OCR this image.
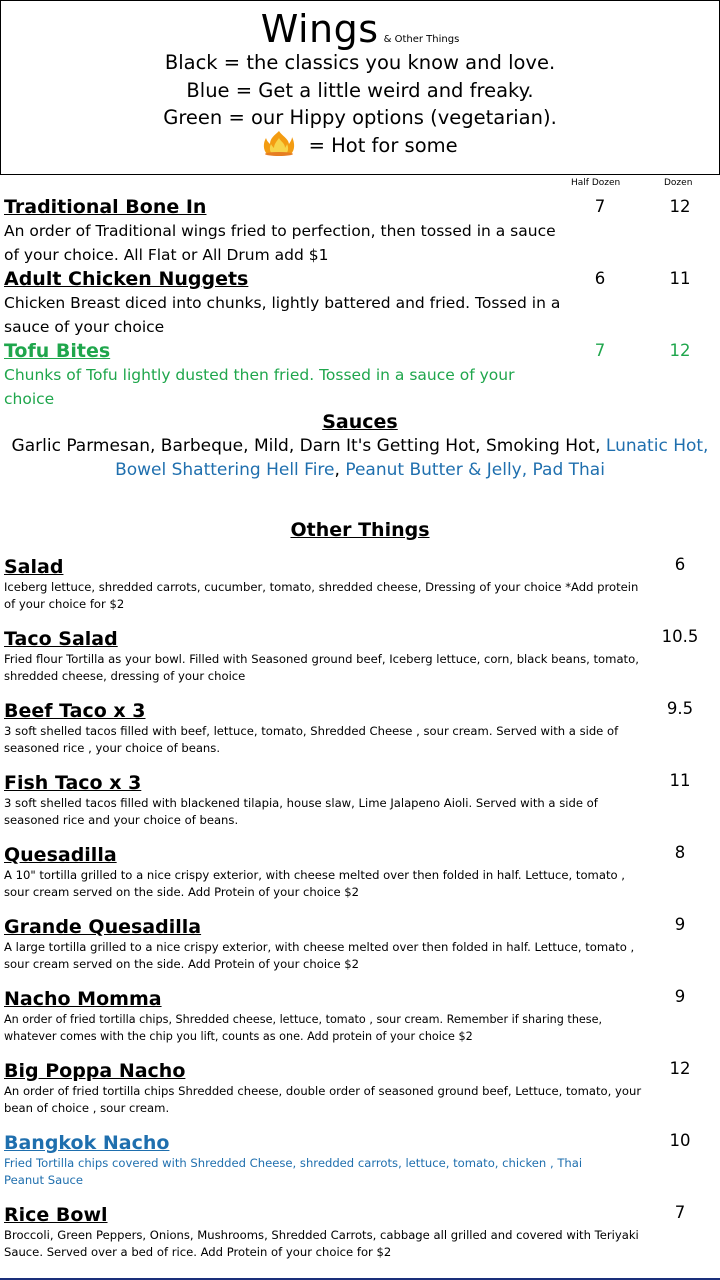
Wings & Other Things
Black = the classics you know and love.
Blue = Get a little weird and freaky.
Green = our Hippy options (vegetarian).
= Hot for some
Half Dozen	Dozen
Traditional Bone In
An order of Traditional wings fried to perfection, then tossed in a sauce of your choice. All Flat or All Drum add $1
7	12
Adult Chicken Nuggets
Chicken Breast diced into chunks, lightly battered and fried. Tossed in a sauce of your choice
6	11
Tofu Bites
Chunks of Tofu lightly dusted then fried. Tossed in a sauce of your choice
7	12
Sauces
Garlic Parmesan, Barbeque, Mild, Darn It's Getting Hot, Smoking Hot, Lunatic Hot, Bowel Shattering Hell Fire, Peanut Butter & Jelly, Pad Thai
Other Things
Salad
Iceberg lettuce, shredded carrots, cucumber, tomato, shredded cheese, Dressing of your choice *Add protein of your choice for $2
6
Taco Salad
Fried flour Tortilla as your bowl. Filled with Seasoned ground beef, Iceberg lettuce, corn, black beans, tomato, shredded cheese, dressing of your choice
10.5
Beef Taco x 3
3 soft shelled tacos filled with beef, lettuce, tomato, Shredded Cheese , sour cream. Served with a side of seasoned rice , your choice of beans.
9.5
Fish Taco x 3
3 soft shelled tacos filled with blackened tilapia, house slaw, Lime Jalapeno Aioli. Served with a side of seasoned rice and your choice of beans.
11
Quesadilla
A 10" tortilla grilled to a nice crispy exterior, with cheese melted over then folded in half. Lettuce, tomato , sour cream served on the side. Add Protein of your choice $2
8
Grande Quesadilla
A large tortilla grilled to a nice crispy exterior, with cheese melted over then folded in half. Lettuce, tomato , sour cream served on the side. Add Protein of your choice $2
9
Nacho Momma
An order of fried tortilla chips, Shredded cheese, lettuce, tomato , sour cream. Remember if sharing these, whatever comes with the chip you lift, counts as one. Add protein of your choice $2
9
Big Poppa Nacho
An order of fried tortilla chips Shredded cheese, double order of seasoned ground beef, Lettuce, tomato, your bean of choice , sour cream.
12
Bangkok Nacho
Fried Tortilla chips covered with Shredded Cheese, shredded carrots, lettuce, tomato, chicken , Thai Peanut Sauce
10
Rice Bowl
Broccoli, Green Peppers, Onions, Mushrooms, Shredded Carrots, cabbage all grilled and covered with Teriyaki Sauce. Served over a bed of rice. Add Protein of your choice for $2
7
